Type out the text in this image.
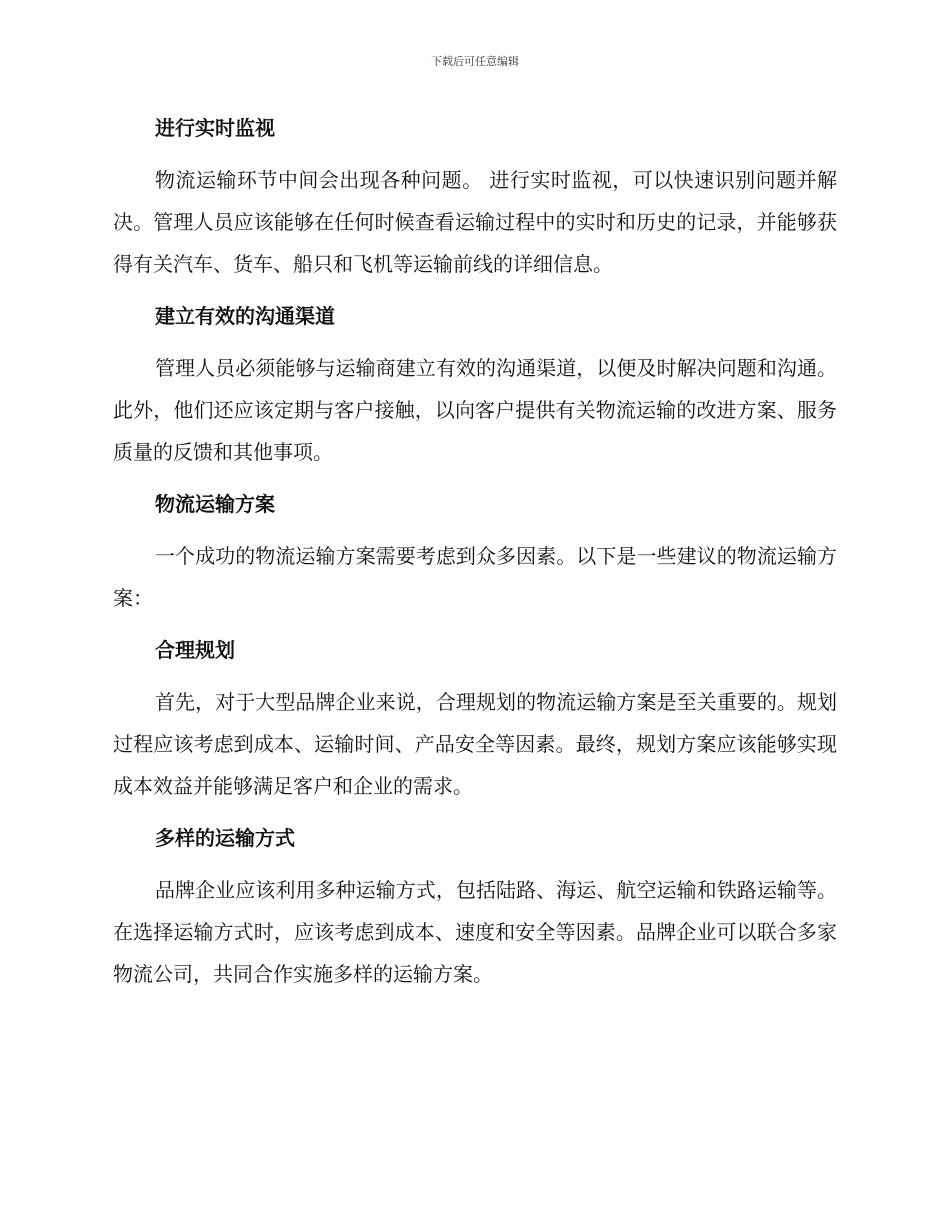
下载后可任意编辑
进行实时监视

物流运输环节中间会出现各种问题。 进行实时监视，可以快速识别问题并解决。管理人员应该能够在任何时候查看运输过程中的实时和历史的记录，并能够获得有关汽车、货车、船只和飞机等运输前线的详细信息。

建立有效的沟通渠道

管理人员必须能够与运输商建立有效的沟通渠道，以便及时解决问题和沟通。此外，他们还应该定期与客户接触，以向客户提供有关物流运输的改进方案、服务质量的反馈和其他事项。

物流运输方案

一个成功的物流运输方案需要考虑到众多因素。以下是一些建议的物流运输方案：

合理规划

首先，对于大型品牌企业来说，合理规划的物流运输方案是至关重要的。规划过程应该考虑到成本、运输时间、产品安全等因素。最终，规划方案应该能够实现成本效益并能够满足客户和企业的需求。

多样的运输方式

品牌企业应该利用多种运输方式，包括陆路、海运、航空运输和铁路运输等。在选择运输方式时，应该考虑到成本、速度和安全等因素。品牌企业可以联合多家物流公司，共同合作实施多样的运输方案。
